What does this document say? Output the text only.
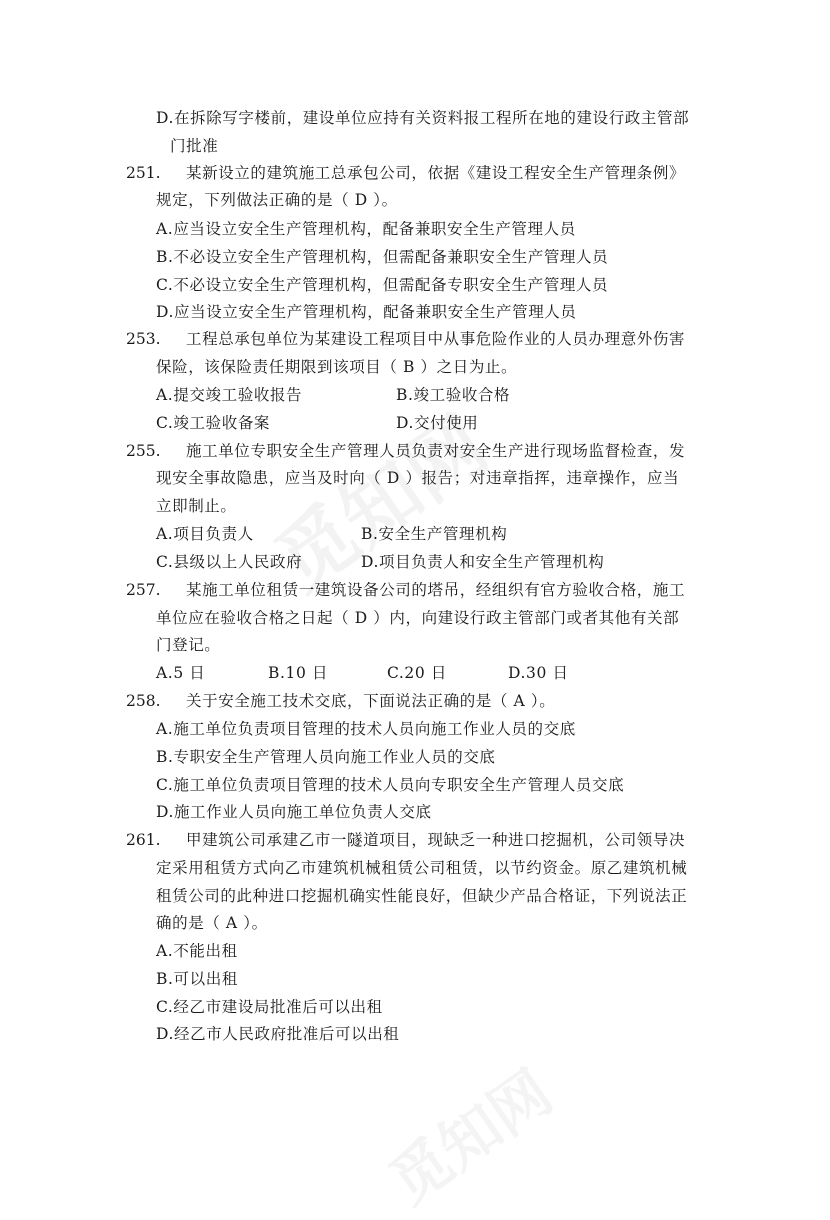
D.在拆除写字楼前，建设单位应持有关资料报工程所在地的建设行政主管部
门批准
251. 某新设立的建筑施工总承包公司，依据《建设工程安全生产管理条例》
规定，下列做法正确的是（ D ）。
A.应当设立安全生产管理机构，配备兼职安全生产管理人员
B.不必设立安全生产管理机构，但需配备兼职安全生产管理人员
C.不必设立安全生产管理机构，但需配备专职安全生产管理人员
D.应当设立安全生产管理机构，配备兼职安全生产管理人员
253. 工程总承包单位为某建设工程项目中从事危险作业的人员办理意外伤害
保险，该保险责任期限到该项目（ B ）之日为止。
A.提交竣工验收报告	B.竣工验收合格
C.竣工验收备案	D.交付使用
255. 施工单位专职安全生产管理人员负责对安全生产进行现场监督检查，发
现安全事故隐患，应当及时向（ D ）报告；对违章指挥，违章操作，应当
立即制止。
A.项目负责人	B.安全生产管理机构
C.县级以上人民政府	D.项目负责人和安全生产管理机构
257. 某施工单位租赁一建筑设备公司的塔吊，经组织有官方验收合格，施工
单位应在验收合格之日起（ D ）内，向建设行政主管部门或者其他有关部
门登记。
A.5 日	B.10 日	C.20 日	D.30 日
258. 关于安全施工技术交底，下面说法正确的是（ A ）。
A.施工单位负责项目管理的技术人员向施工作业人员的交底
B.专职安全生产管理人员向施工作业人员的交底
C.施工单位负责项目管理的技术人员向专职安全生产管理人员交底
D.施工作业人员向施工单位负责人交底
261. 甲建筑公司承建乙市一隧道项目，现缺乏一种进口挖掘机，公司领导决
定采用租赁方式向乙市建筑机械租赁公司租赁，以节约资金。原乙建筑机械
租赁公司的此种进口挖掘机确实性能良好，但缺少产品合格证，下列说法正
确的是（ A ）。
A.不能出租
B.可以出租
C.经乙市建设局批准后可以出租
D.经乙市人民政府批准后可以出租
